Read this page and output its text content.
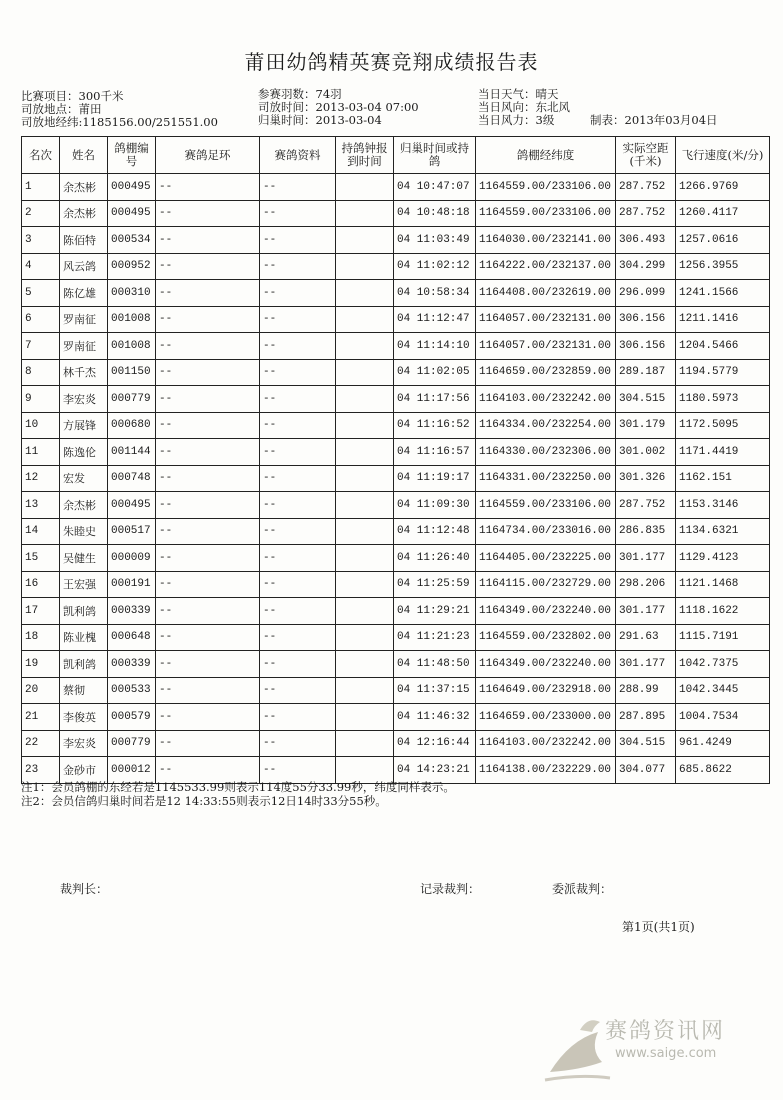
莆田幼鸽精英赛竞翔成绩报告表
比赛项目：300千米
司放地点：莆田
司放地经纬:1185156.00/251551.00
参赛羽数：74羽
司放时间：2013-03-04 07:00
归巢时间：2013-03-04
当日天气：晴天
当日风向：东北风
当日风力：3级	制表：2013年03月04日
名次	姓名	鸽棚编号	赛鸽足环	赛鸽资料	持鸽钟报到时间	归巢时间或持鸽	鸽棚经纬度	实际空距(千米)	飞行速度(米/分)
1	余杰彬	000495	--	--		04 10:47:07	1164559.00/233106.00	287.752	1266.9769
2	余杰彬	000495	--	--		04 10:48:18	1164559.00/233106.00	287.752	1260.4117
3	陈佰特	000534	--	--		04 11:03:49	1164030.00/232141.00	306.493	1257.0616
4	风云鸽	000952	--	--		04 11:02:12	1164222.00/232137.00	304.299	1256.3955
5	陈亿雄	000310	--	--		04 10:58:34	1164408.00/232619.00	296.099	1241.1566
6	罗南征	001008	--	--		04 11:12:47	1164057.00/232131.00	306.156	1211.1416
7	罗南征	001008	--	--		04 11:14:10	1164057.00/232131.00	306.156	1204.5466
8	林千杰	001150	--	--		04 11:02:05	1164659.00/232859.00	289.187	1194.5779
9	李宏炎	000779	--	--		04 11:17:56	1164103.00/232242.00	304.515	1180.5973
10	方展锋	000680	--	--		04 11:16:52	1164334.00/232254.00	301.179	1172.5095
11	陈逸伦	001144	--	--		04 11:16:57	1164330.00/232306.00	301.002	1171.4419
12	宏发	000748	--	--		04 11:19:17	1164331.00/232250.00	301.326	1162.151
13	余杰彬	000495	--	--		04 11:09:30	1164559.00/233106.00	287.752	1153.3146
14	朱睦史	000517	--	--		04 11:12:48	1164734.00/233016.00	286.835	1134.6321
15	吴健生	000009	--	--		04 11:26:40	1164405.00/232225.00	301.177	1129.4123
16	王宏强	000191	--	--		04 11:25:59	1164115.00/232729.00	298.206	1121.1468
17	凯利鸽	000339	--	--		04 11:29:21	1164349.00/232240.00	301.177	1118.1622
18	陈业槐	000648	--	--		04 11:21:23	1164559.00/232802.00	291.63	1115.7191
19	凯利鸽	000339	--	--		04 11:48:50	1164349.00/232240.00	301.177	1042.7375
20	蔡彻	000533	--	--		04 11:37:15	1164649.00/232918.00	288.99	1042.3445
21	李俊英	000579	--	--		04 11:46:32	1164659.00/233000.00	287.895	1004.7534
22	李宏炎	000779	--	--		04 12:16:44	1164103.00/232242.00	304.515	961.4249
23	金砂市	000012	--	--		04 14:23:21	1164138.00/232229.00	304.077	685.8622
注1：会员鸽棚的东经若是1145533.99则表示114度55分33.99秒，纬度同样表示。
注2：会员信鸽归巢时间若是12 14:33:55则表示12日14时33分55秒。
裁判长：	记录裁判：	委派裁判：
第1页(共1页)
赛鸽资讯网
www.saige.com
